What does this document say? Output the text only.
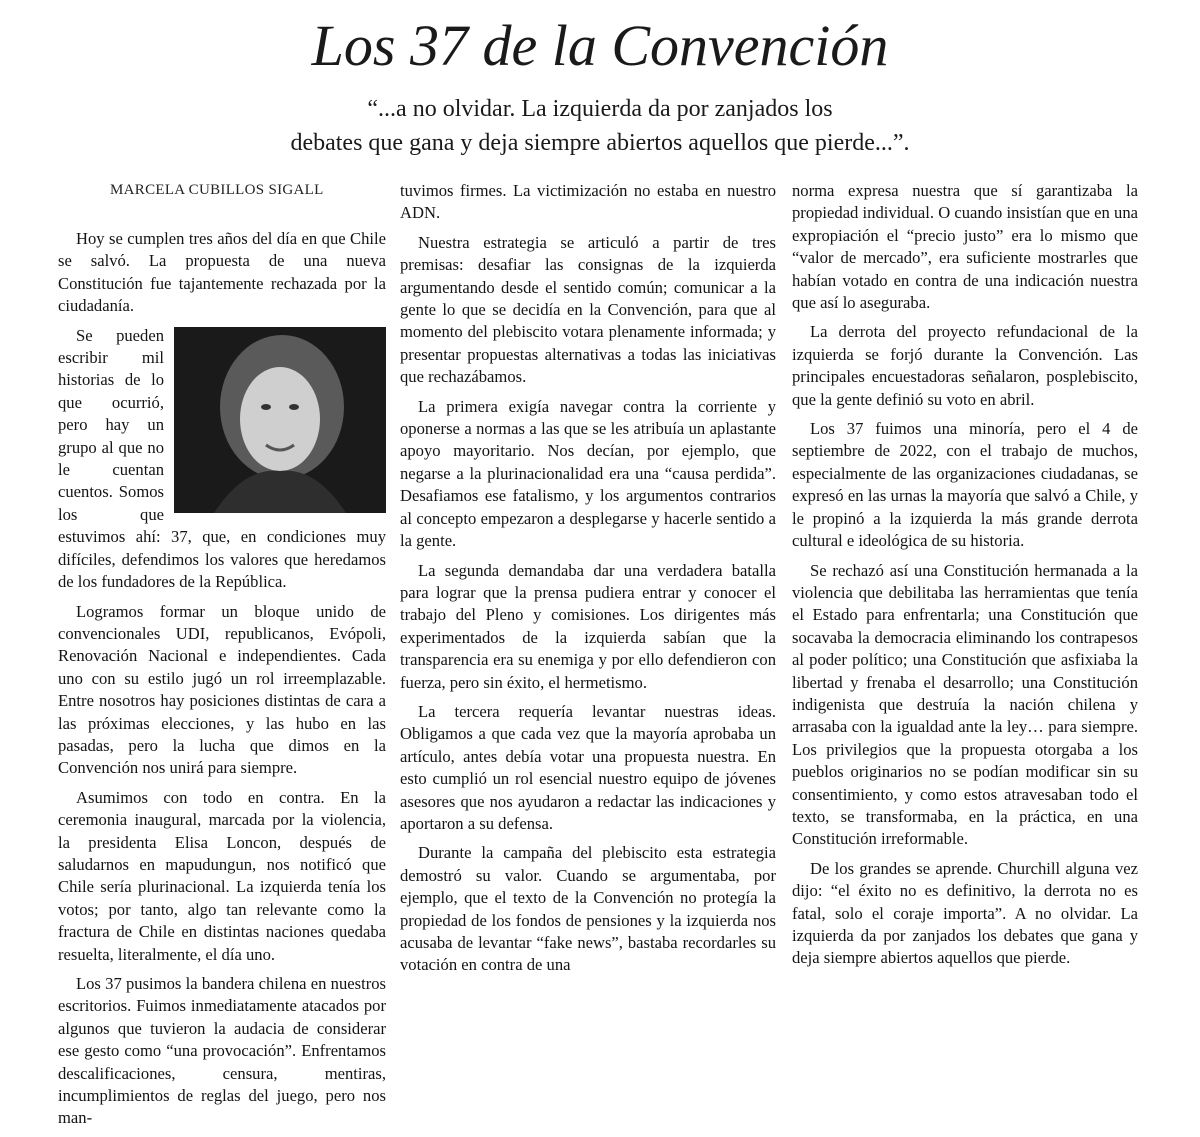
Los 37 de la Convención
“...a no olvidar. La izquierda da por zanjados los
debates que gana y deja siempre abiertos aquellos que pierde...”.
MARCELA CUBILLOS SIGALL

Hoy se cumplen tres años del día en que Chile se salvó. La propuesta de una nueva Constitución fue tajantemente rechazada por la ciudadanía.

Se pueden escribir mil historias de lo que ocurrió, pero hay un grupo al que no le cuentan cuentos. Somos los que estuvimos ahí: 37, que, en condiciones muy difíciles, defendimos los valores que heredamos de los fundadores de la República.

Logramos formar un bloque unido de convencionales UDI, republicanos, Evópoli, Renovación Nacional e independientes. Cada uno con su estilo jugó un rol irreemplazable. Entre nosotros hay posiciones distintas de cara a las próximas elecciones, y las hubo en las pasadas, pero la lucha que dimos en la Convención nos unirá para siempre.

Asumimos con todo en contra. En la ceremonia inaugural, marcada por la violencia, la presidenta Elisa Loncon, después de saludarnos en mapudungun, nos notificó que Chile sería plurinacional. La izquierda tenía los votos; por tanto, algo tan relevante como la fractura de Chile en distintas naciones quedaba resuelta, literalmente, el día uno.

Los 37 pusimos la bandera chilena en nuestros escritorios. Fuimos inmediatamente atacados por algunos que tuvieron la audacia de considerar ese gesto como “una provocación”. Enfrentamos descalificaciones, censura, mentiras, incumplimientos de reglas del juego, pero nos man-

tuvimos firmes. La victimización no estaba en nuestro ADN.

Nuestra estrategia se articuló a partir de tres premisas: desafiar las consignas de la izquierda argumentando desde el sentido común; comunicar a la gente lo que se decidía en la Convención, para que al momento del plebiscito votara plenamente informada; y presentar propuestas alternativas a todas las iniciativas que rechazábamos.

La primera exigía navegar contra la corriente y oponerse a normas a las que se les atribuía un aplastante apoyo mayoritario. Nos decían, por ejemplo, que negarse a la plurinacionalidad era una “causa perdida”. Desafiamos ese fatalismo, y los argumentos contrarios al concepto empezaron a desplegarse y hacerle sentido a la gente.

La segunda demandaba dar una verdadera batalla para lograr que la prensa pudiera entrar y conocer el trabajo del Pleno y comisiones. Los dirigentes más experimentados de la izquierda sabían que la transparencia era su enemiga y por ello defendieron con fuerza, pero sin éxito, el hermetismo.

La tercera requería levantar nuestras ideas. Obligamos a que cada vez que la mayoría aprobaba un artículo, antes debía votar una propuesta nuestra. En esto cumplió un rol esencial nuestro equipo de jóvenes asesores que nos ayudaron a redactar las indicaciones y aportaron a su defensa.

Durante la campaña del plebiscito esta estrategia demostró su valor. Cuando se argumentaba, por ejemplo, que el texto de la Convención no protegía la propiedad de los fondos de pensiones y la izquierda nos acusaba de levantar “fake news”, bastaba recordarles su votación en contra de una

norma expresa nuestra que sí garantizaba la propiedad individual. O cuando insistían que en una expropiación el “precio justo” era lo mismo que “valor de mercado”, era suficiente mostrarles que habían votado en contra de una indicación nuestra que así lo aseguraba.

La derrota del proyecto refundacional de la izquierda se forjó durante la Convención. Las principales encuestadoras señalaron, posplebiscito, que la gente definió su voto en abril.

Los 37 fuimos una minoría, pero el 4 de septiembre de 2022, con el trabajo de muchos, especialmente de las organizaciones ciudadanas, se expresó en las urnas la mayoría que salvó a Chile, y le propinó a la izquierda la más grande derrota cultural e ideológica de su historia.

Se rechazó así una Constitución hermanada a la violencia que debilitaba las herramientas que tenía el Estado para enfrentarla; una Constitución que socavaba la democracia eliminando los contrapesos al poder político; una Constitución que asfixiaba la libertad y frenaba el desarrollo; una Constitución indigenista que destruía la nación chilena y arrasaba con la igualdad ante la ley… para siempre. Los privilegios que la propuesta otorgaba a los pueblos originarios no se podían modificar sin su consentimiento, y como estos atravesaban todo el texto, se transformaba, en la práctica, en una Constitución irreformable.

De los grandes se aprende. Churchill alguna vez dijo: “el éxito no es definitivo, la derrota no es fatal, solo el coraje importa”. A no olvidar. La izquierda da por zanjados los debates que gana y deja siempre abiertos aquellos que pierde.
